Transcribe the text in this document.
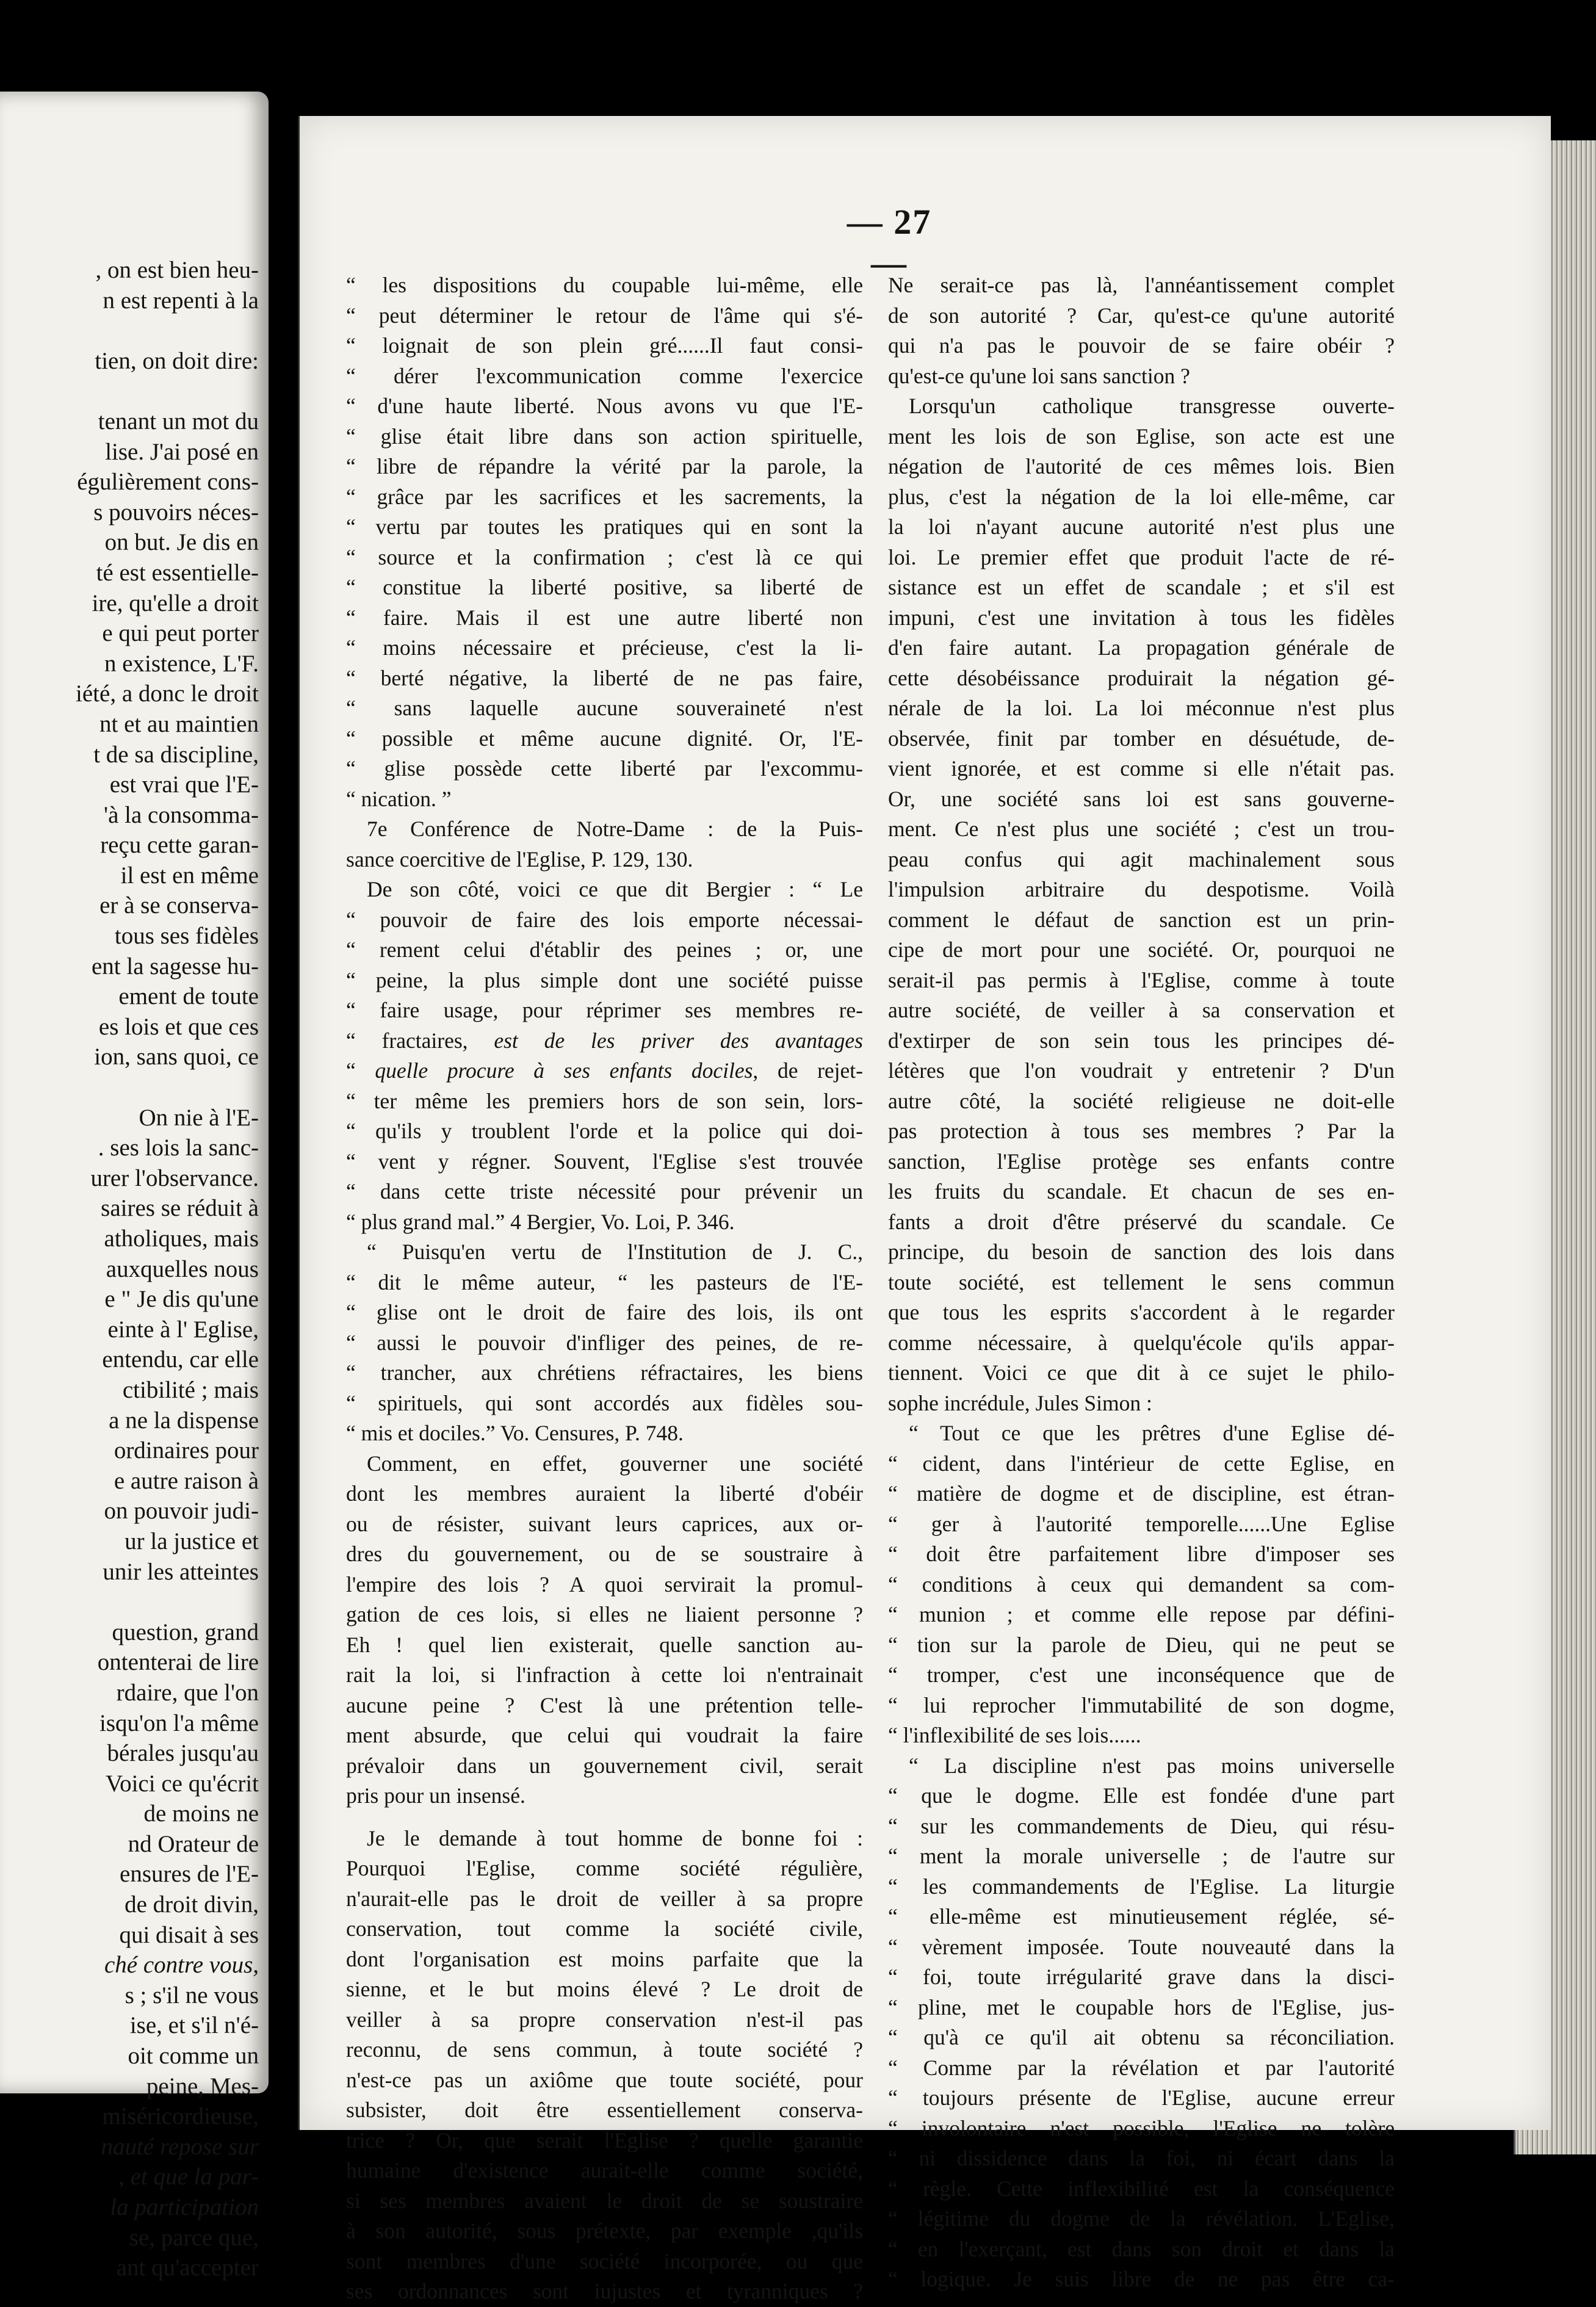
, on est bien heu-
n est repenti à la
tien, on doit dire:
tenant un mot du
lise. J'ai posé en
égulièrement cons-
s pouvoirs néces-
on but. Je dis en
té est essentielle-
ire, qu'elle a droit
e qui peut porter
n existence, L'F.
iété, a donc le droit
nt et au maintien
t de sa discipline,
est vrai que l'E-
'à la consomma-
reçu cette garan-
il est en même
er à se conserva-
tous ses fidèles
ent la sagesse hu-
ement de toute
es lois et que ces
ion, sans quoi, ce
On nie à l'E-
. ses lois la sanc-
urer l'observance.
saires se réduit à
atholiques, mais
auxquelles nous
e " Je dis qu'une
einte à l' Eglise,
entendu, car elle
ctibilité ; mais
a ne la dispense
ordinaires pour
e autre raison à
on pouvoir judi-
ur la justice et
unir les atteintes
question, grand
ontenterai de lire
rdaire, que l'on
isqu'on l'a même
bérales jusqu'au
Voici ce qu'écrit
de moins ne
nd Orateur de
ensures de l'E-
de droit divin,
qui disait à ses
ché contre vous,
s ; s'il ne vous
ise, et s'il n'é-
oit comme un
peine, Mes-
miséricordieuse,
nauté repose sur
, et que la par-
la participation
se, parce que,
ant qu'accepter
— 27 —
“ les dispositions du coupable lui-même, elle
“ peut déterminer le retour de l'âme qui s'é-
“ loignait de son plein gré......Il faut consi-
“ dérer l'excommunication comme l'exercice
“ d'une haute liberté. Nous avons vu que l'E-
“ glise était libre dans son action spirituelle,
“ libre de répandre la vérité par la parole, la
“ grâce par les sacrifices et les sacrements, la
“ vertu par toutes les pratiques qui en sont la
“ source et la confirmation ; c'est là ce qui
“ constitue la liberté positive, sa liberté de
“ faire. Mais il est une autre liberté non
“ moins nécessaire et précieuse, c'est la li-
“ berté négative, la liberté de ne pas faire,
“ sans laquelle aucune souveraineté n'est
“ possible et même aucune dignité. Or, l'E-
“ glise possède cette liberté par l'excommu-
“ nication. ”
7e Conférence de Notre-Dame : de la Puis-
sance coercitive de l'Eglise, P. 129, 130.
De son côté, voici ce que dit Bergier : “ Le
“ pouvoir de faire des lois emporte nécessai-
“ rement celui d'établir des peines ; or, une
“ peine, la plus simple dont une société puisse
“ faire usage, pour réprimer ses membres re-
“ fractaires, est de les priver des avantages
“ quelle procure à ses enfants dociles, de rejet-
“ ter même les premiers hors de son sein, lors-
“ qu'ils y troublent l'orde et la police qui doi-
“ vent y régner. Souvent, l'Eglise s'est trouvée
“ dans cette triste nécessité pour prévenir un
“ plus grand mal.” 4 Bergier, Vo. Loi, P. 346.
“ Puisqu'en vertu de l'Institution de J. C.,
“ dit le même auteur, “ les pasteurs de l'E-
“ glise ont le droit de faire des lois, ils ont
“ aussi le pouvoir d'infliger des peines, de re-
“ trancher, aux chrétiens réfractaires, les biens
“ spirituels, qui sont accordés aux fidèles sou-
“ mis et dociles.” Vo. Censures, P. 748.
Comment, en effet, gouverner une société
dont les membres auraient la liberté d'obéir
ou de résister, suivant leurs caprices, aux or-
dres du gouvernement, ou de se soustraire à
l'empire des lois ? A quoi servirait la promul-
gation de ces lois, si elles ne liaient personne ?
Eh ! quel lien existerait, quelle sanction au-
rait la loi, si l'infraction à cette loi n'entrainait
aucune peine ? C'est là une prétention telle-
ment absurde, que celui qui voudrait la faire
prévaloir dans un gouvernement civil, serait
pris pour un insensé.
Je le demande à tout homme de bonne foi :
Pourquoi l'Eglise, comme société régulière,
n'aurait-elle pas le droit de veiller à sa propre
conservation, tout comme la société civile,
dont l'organisation est moins parfaite que la
sienne, et le but moins élevé ? Le droit de
veiller à sa propre conservation n'est-il pas
reconnu, de sens commun, à toute société ?
n'est-ce pas un axiôme que toute société, pour
subsister, doit être essentiellement conserva-
trice ? Or, que serait l'Eglise ? quelle garantie
humaine d'existence aurait-elle comme société,
si ses membres avaient le droit de se soustraire
à son autorité, sous prétexte, par exemple ,qu'ils
sont membres d'une société incorporée, ou que
ses ordonnances sont iujustes et tyranniques ?
Ne serait-ce pas là, l'annéantissement complet
de son autorité ? Car, qu'est-ce qu'une autorité
qui n'a pas le pouvoir de se faire obéir ?
qu'est-ce qu'une loi sans sanction ?
Lorsqu'un catholique transgresse ouverte-
ment les lois de son Eglise, son acte est une
négation de l'autorité de ces mêmes lois. Bien
plus, c'est la négation de la loi elle-même, car
la loi n'ayant aucune autorité n'est plus une
loi. Le premier effet que produit l'acte de ré-
sistance est un effet de scandale ; et s'il est
impuni, c'est une invitation à tous les fidèles
d'en faire autant. La propagation générale de
cette désobéissance produirait la négation gé-
nérale de la loi. La loi méconnue n'est plus
observée, finit par tomber en désuétude, de-
vient ignorée, et est comme si elle n'était pas.
Or, une société sans loi est sans gouverne-
ment. Ce n'est plus une société ; c'est un trou-
peau confus qui agit machinalement sous
l'impulsion arbitraire du despotisme. Voilà
comment le défaut de sanction est un prin-
cipe de mort pour une société. Or, pourquoi ne
serait-il pas permis à l'Eglise, comme à toute
autre société, de veiller à sa conservation et
d'extirper de son sein tous les principes dé-
létères que l'on voudrait y entretenir ? D'un
autre côté, la société religieuse ne doit-elle
pas protection à tous ses membres ? Par la
sanction, l'Eglise protège ses enfants contre
les fruits du scandale. Et chacun de ses en-
fants a droit d'être préservé du scandale. Ce
principe, du besoin de sanction des lois dans
toute société, est tellement le sens commun
que tous les esprits s'accordent à le regarder
comme nécessaire, à quelqu'école qu'ils appar-
tiennent. Voici ce que dit à ce sujet le philo-
sophe incrédule, Jules Simon :
“ Tout ce que les prêtres d'une Eglise dé-
“ cident, dans l'intérieur de cette Eglise, en
“ matière de dogme et de discipline, est étran-
“ ger à l'autorité temporelle......Une Eglise
“ doit être parfaitement libre d'imposer ses
“ conditions à ceux qui demandent sa com-
“ munion ; et comme elle repose par défini-
“ tion sur la parole de Dieu, qui ne peut se
“ tromper, c'est une inconséquence que de
“ lui reprocher l'immutabilité de son dogme,
“ l'inflexibilité de ses lois......
“ La discipline n'est pas moins universelle
“ que le dogme. Elle est fondée d'une part
“ sur les commandements de Dieu, qui résu-
“ ment la morale universelle ; de l'autre sur
“ les commandements de l'Eglise. La liturgie
“ elle-même est minutieusement réglée, sé-
“ vèrement imposée. Toute nouveauté dans la
“ foi, toute irrégularité grave dans la disci-
“ pline, met le coupable hors de l'Eglise, jus-
“ qu'à ce qu'il ait obtenu sa réconciliation.
“ Comme par la révélation et par l'autorité
“ toujours présente de l'Eglise, aucune erreur
“ involontaire n'est possible, l'Eglise ne tolère
“ ni dissidence dans la foi, ni écart dans la
“ règle. Cette inflexibilité est la conséquence
“ légitime du dogme de la révélation. L'Eglise,
“ en l'exerçant, est dans son droit et dans la
“ logique. Je suis libre de ne pas être ca-
